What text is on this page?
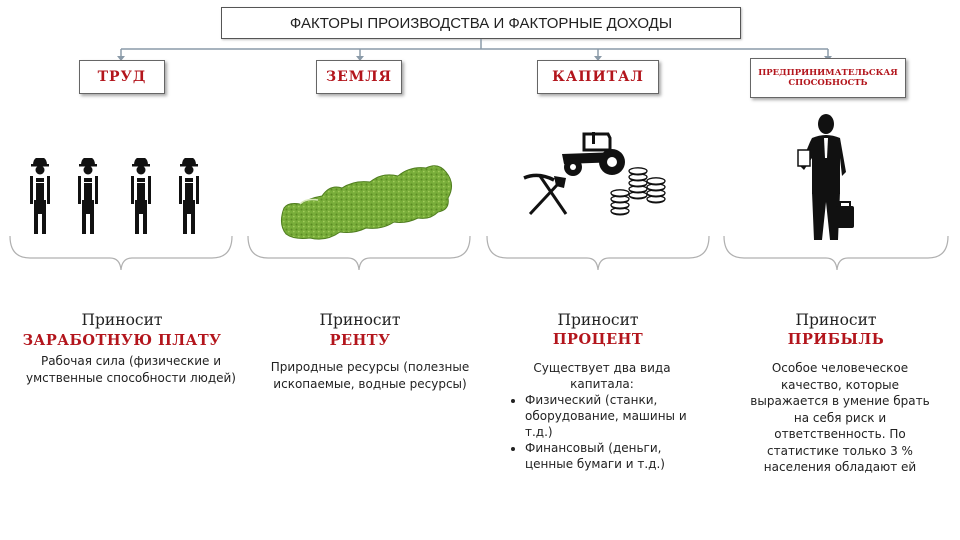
ФАКТОРЫ ПРОИЗВОДСТВА И ФАКТОРНЫЕ ДОХОДЫ
ТРУД	ЗЕМЛЯ	КАПИТАЛ	ПРЕДПРИНИМАТЕЛЬСКАЯ СПОСОБНОСТЬ
Приносит
ЗАРАБОТНУЮ ПЛАТУ
Рабочая сила (физические и умственные способности людей)
Приносит
РЕНТУ
Природные ресурсы (полезные ископаемые, водные ресурсы)
Приносит
ПРОЦЕНТ
Существует два вида капитала:
• Физический (станки, оборудование, машины и т.д.)
• Финансовый (деньги, ценные бумаги и т.д.)
Приносит
ПРИБЫЛЬ
Особое человеческое качество, которые выражается в умение брать на себя риск и ответственность. По статистике только 3 % населения обладают ей
